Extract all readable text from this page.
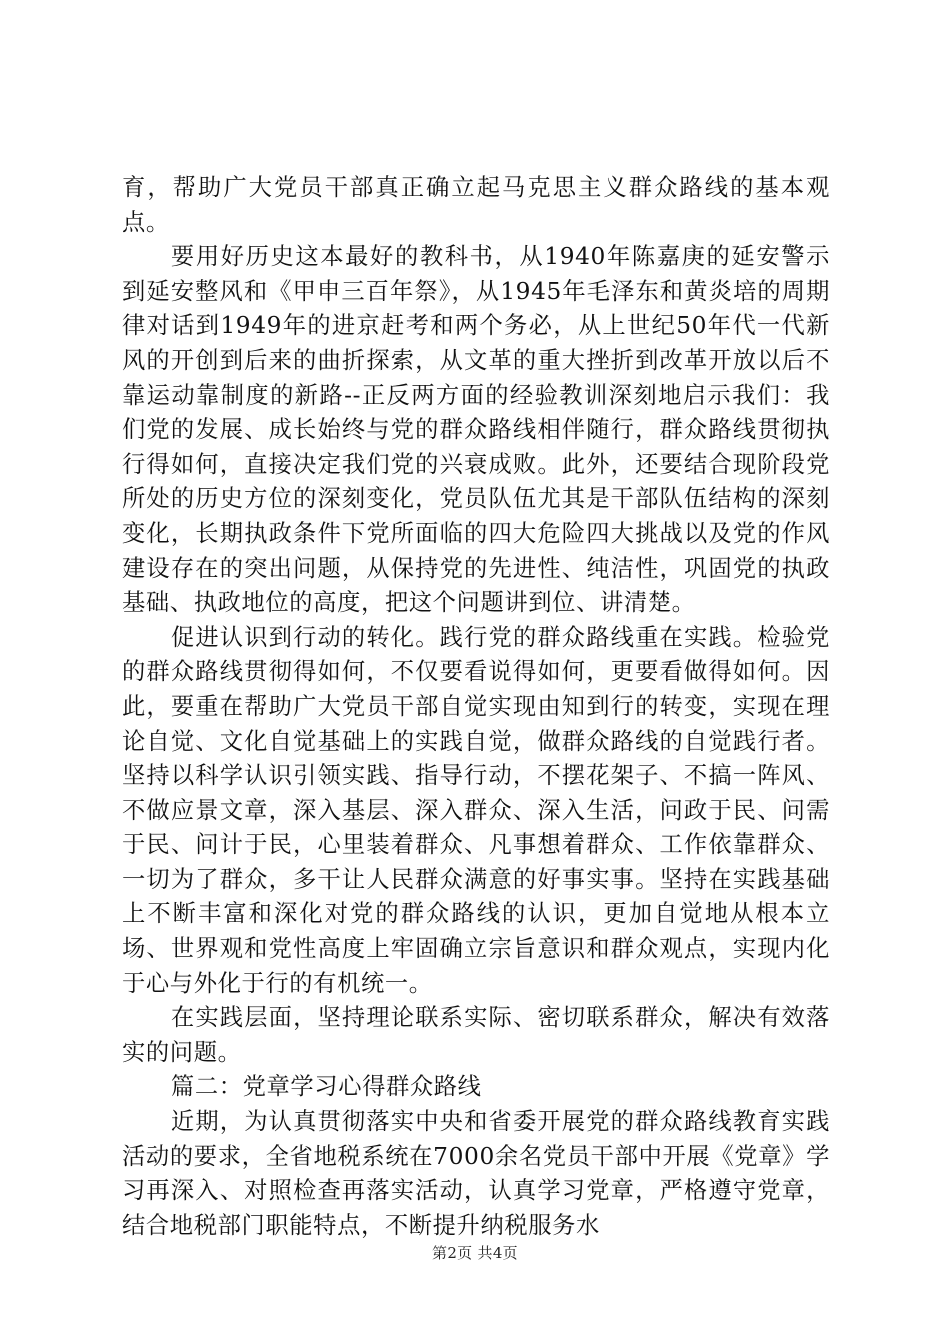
育，帮助广大党员干部真正确立起马克思主义群众路线的基本观点。

要用好历史这本最好的教科书，从1940年陈嘉庚的延安警示到延安整风和《甲申三百年祭》，从1945年毛泽东和黄炎培的周期律对话到1949年的进京赶考和两个务必，从上世纪50年代一代新风的开创到后来的曲折探索，从文革的重大挫折到改革开放以后不靠运动靠制度的新路--正反两方面的经验教训深刻地启示我们：我们党的发展、成长始终与党的群众路线相伴随行，群众路线贯彻执行得如何，直接决定我们党的兴衰成败。此外，还要结合现阶段党所处的历史方位的深刻变化，党员队伍尤其是干部队伍结构的深刻变化，长期执政条件下党所面临的四大危险四大挑战以及党的作风建设存在的突出问题，从保持党的先进性、纯洁性，巩固党的执政基础、执政地位的高度，把这个问题讲到位、讲清楚。

促进认识到行动的转化。践行党的群众路线重在实践。检验党的群众路线贯彻得如何，不仅要看说得如何，更要看做得如何。因此，要重在帮助广大党员干部自觉实现由知到行的转变，实现在理论自觉、文化自觉基础上的实践自觉，做群众路线的自觉践行者。坚持以科学认识引领实践、指导行动，不摆花架子、不搞一阵风、不做应景文章，深入基层、深入群众、深入生活，问政于民、问需于民、问计于民，心里装着群众、凡事想着群众、工作依靠群众、一切为了群众，多干让人民群众满意的好事实事。坚持在实践基础上不断丰富和深化对党的群众路线的认识，更加自觉地从根本立场、世界观和党性高度上牢固确立宗旨意识和群众观点，实现内化于心与外化于行的有机统一。

在实践层面，坚持理论联系实际、密切联系群众，解决有效落实的问题。

篇二：党章学习心得群众路线

近期，为认真贯彻落实中央和省委开展党的群众路线教育实践活动的要求，全省地税系统在7000余名党员干部中开展《党章》学习再深入、对照检查再落实活动，认真学习党章，严格遵守党章，结合地税部门职能特点，不断提升纳税服务水

第2页 共4页
